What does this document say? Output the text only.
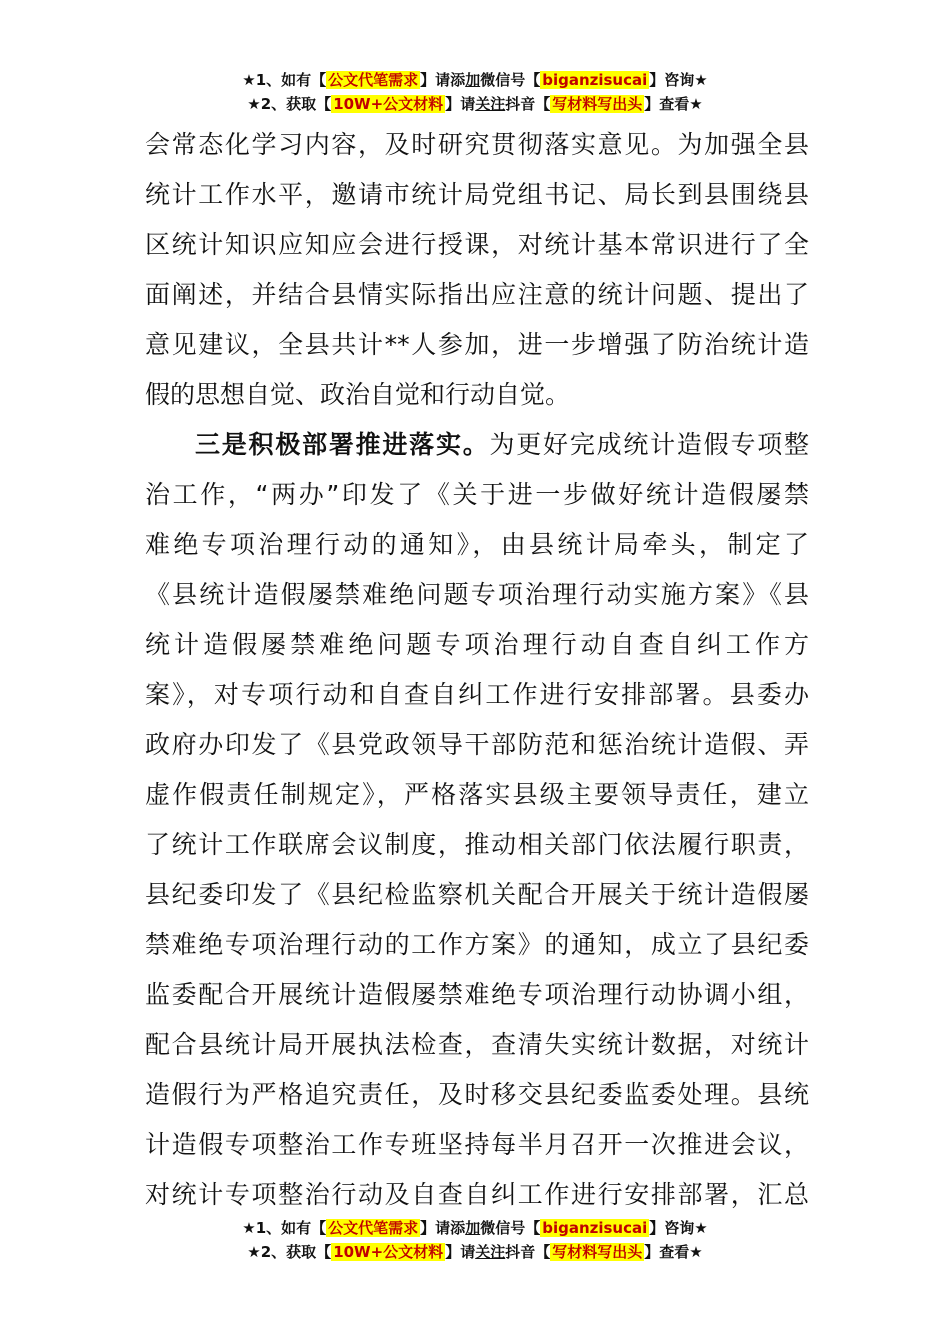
★1、如有【 公文代笔需求 】请添加微信号【 biganzisucai 】咨询★
★2、获取【 10W+公文材料 】请关注抖音【 写材料写出头 】查看★
会常态化学习内容，及时研究贯彻落实意见。为加强全县
统计工作水平，邀请市统计局党组书记、局长到县围绕县
区统计知识应知应会进行授课，对统计基本常识进行了全
面阐述，并结合县情实际指出应注意的统计问题、提出了
意见建议，全县共计**人参加，进一步增强了防治统计造
假的思想自觉、政治自觉和行动自觉。
三是积极部署推进落实。为更好完成统计造假专项整
治工作，“两办”印发了《关于进一步做好统计造假屡禁
难绝专项治理行动的通知》，由县统计局牵头，制定了
《县统计造假屡禁难绝问题专项治理行动实施方案》《县
统计造假屡禁难绝问题专项治理行动自查自纠工作方
案》，对专项行动和自查自纠工作进行安排部署。县委办
政府办印发了《县党政领导干部防范和惩治统计造假、弄
虚作假责任制规定》，严格落实县级主要领导责任，建立
了统计工作联席会议制度，推动相关部门依法履行职责，
县纪委印发了《县纪检监察机关配合开展关于统计造假屡
禁难绝专项治理行动的工作方案》的通知，成立了县纪委
监委配合开展统计造假屡禁难绝专项治理行动协调小组，
配合县统计局开展执法检查，查清失实统计数据，对统计
造假行为严格追究责任，及时移交县纪委监委处理。县统
计造假专项整治工作专班坚持每半月召开一次推进会议，
对统计专项整治行动及自查自纠工作进行安排部署，汇总
★1、如有【 公文代笔需求 】请添加微信号【 biganzisucai 】咨询★
★2、获取【 10W+公文材料 】请关注抖音【 写材料写出头 】查看★
